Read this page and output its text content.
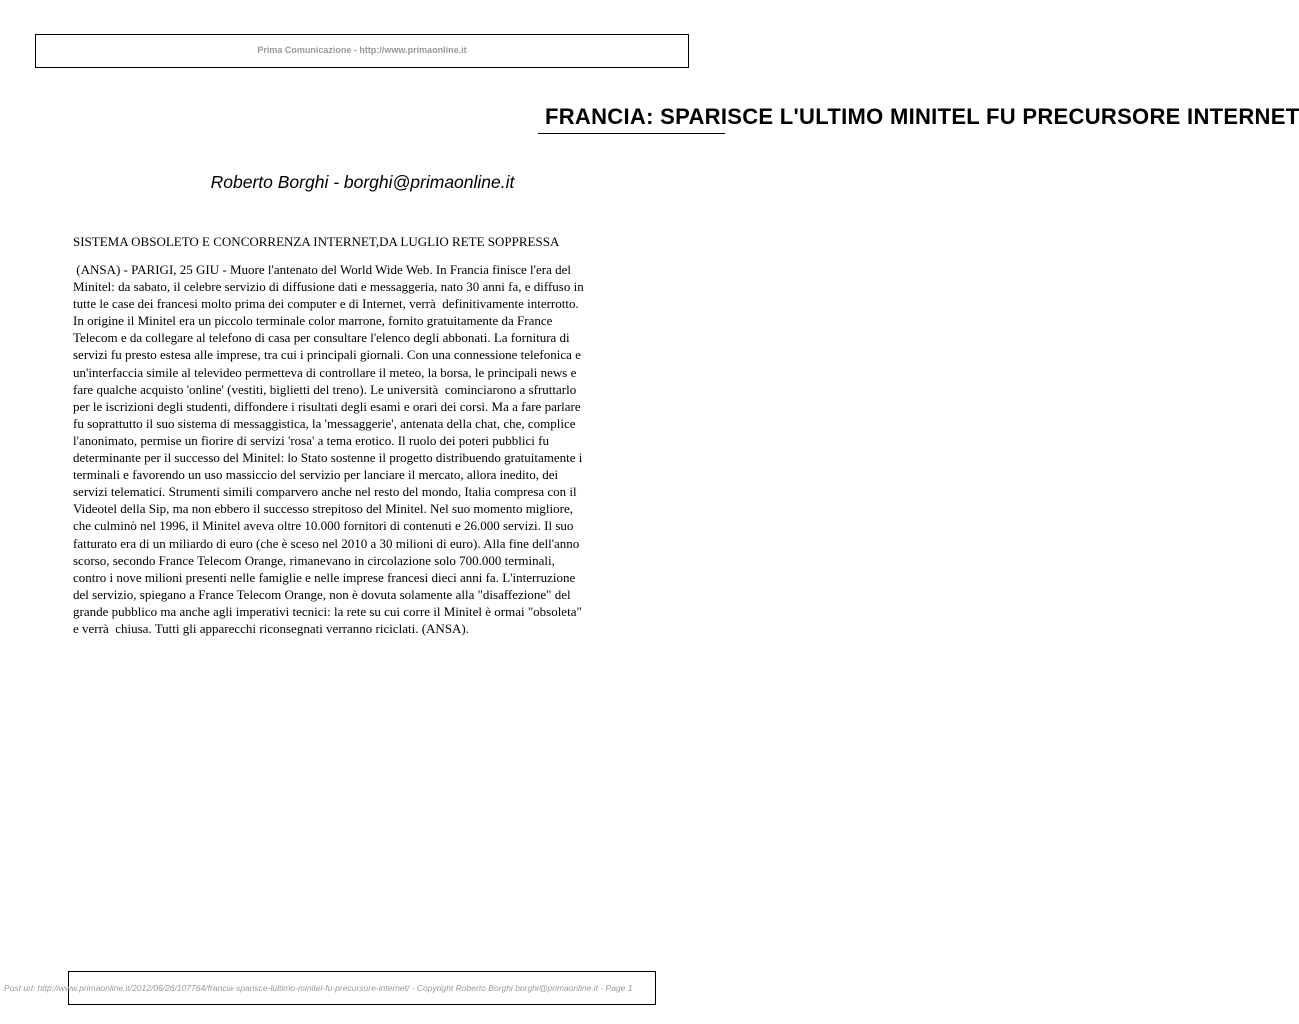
Prima Comunicazione - http://www.primaonline.it
FRANCIA: SPARISCE L'ULTIMO MINITEL FU PRECURSORE INTERNET
Roberto Borghi - borghi@primaonline.it
SISTEMA OBSOLETO E CONCORRENZA INTERNET,DA LUGLIO RETE SOPPRESSA
(ANSA) - PARIGI, 25 GIU - Muore l'antenato del World Wide Web. In Francia finisce l'era del
Minitel: da sabato, il celebre servizio di diffusione dati e messaggeria, nato 30 anni fa, e diffuso in
tutte le case dei francesi molto prima dei computer e di Internet, verrà  definitivamente interrotto.
In origine il Minitel era un piccolo terminale color marrone, fornito gratuitamente da France
Telecom e da collegare al telefono di casa per consultare l'elenco degli abbonati. La fornitura di
servizi fu presto estesa alle imprese, tra cui i principali giornali. Con una connessione telefonica e
un'interfaccia simile al televideo permetteva di controllare il meteo, la borsa, le principali news e
fare qualche acquisto 'online' (vestiti, biglietti del treno). Le università  cominciarono a sfruttarlo
per le iscrizioni degli studenti, diffondere i risultati degli esami e orari dei corsi. Ma a fare parlare
fu soprattutto il suo sistema di messaggistica, la 'messaggerie', antenata della chat, che, complice
l'anonimato, permise un fiorire di servizi 'rosa' a tema erotico. Il ruolo dei poteri pubblici fu
determinante per il successo del Minitel: lo Stato sostenne il progetto distribuendo gratuitamente i
terminali e favorendo un uso massiccio del servizio per lanciare il mercato, allora inedito, dei
servizi telematici. Strumenti simili comparvero anche nel resto del mondo, Italia compresa con il
Videotel della Sip, ma non ebbero il successo strepitoso del Minitel. Nel suo momento migliore,
che culminò nel 1996, il Minitel aveva oltre 10.000 fornitori di contenuti e 26.000 servizi. Il suo
fatturato era di un miliardo di euro (che è sceso nel 2010 a 30 milioni di euro). Alla fine dell'anno
scorso, secondo France Telecom Orange, rimanevano in circolazione solo 700.000 terminali,
contro i nove milioni presenti nelle famiglie e nelle imprese francesi dieci anni fa. L'interruzione
del servizio, spiegano a France Telecom Orange, non è dovuta solamente alla "disaffezione" del
grande pubblico ma anche agli imperativi tecnici: la rete su cui corre il Minitel è ormai "obsoleta"
e verrà  chiusa. Tutti gli apparecchi riconsegnati verranno riciclati. (ANSA).
Post url: http://www.primaonline.it/2012/06/26/107764/francia-sparisce-lultimo-minitel-fu-precursore-internet/ - Copyright Roberto Borghi borghi@primaonline.it - Page 1
